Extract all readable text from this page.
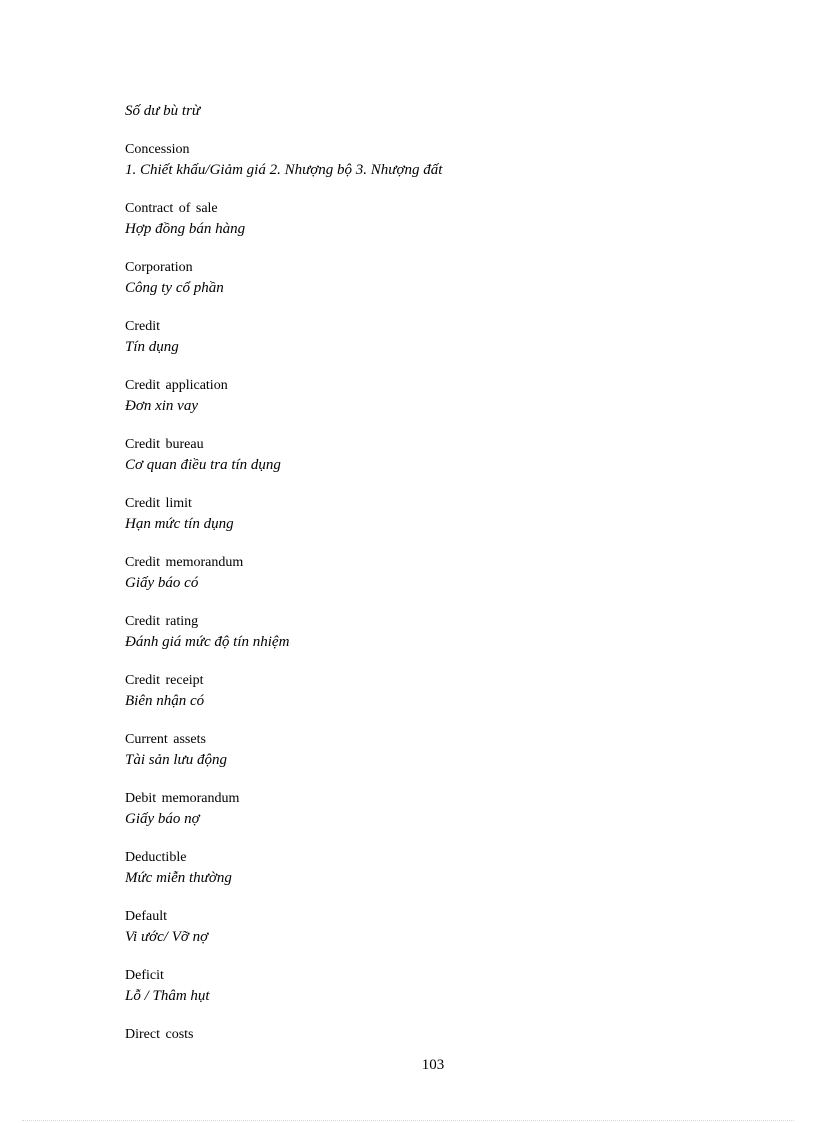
Số dư bù trừ
Concession
1. Chiết khấu/Giảm giá 2. Nhượng bộ 3. Nhượng đất
Contract of sale
Hợp đồng bán hàng
Corporation
Công ty cổ phần
Credit
Tín dụng
Credit application
Đơn xin vay
Credit bureau
Cơ quan điều tra tín dụng
Credit limit
Hạn mức tín dụng
Credit memorandum
Giấy báo có
Credit rating
Đánh giá mức độ tín nhiệm
Credit receipt
Biên nhận có
Current assets
Tài sản lưu động
Debit memorandum
Giấy báo nợ
Deductible
Mức miễn thường
Default
Vi ước/ Vỡ nợ
Deficit
Lỗ / Thâm hụt
Direct costs
103
